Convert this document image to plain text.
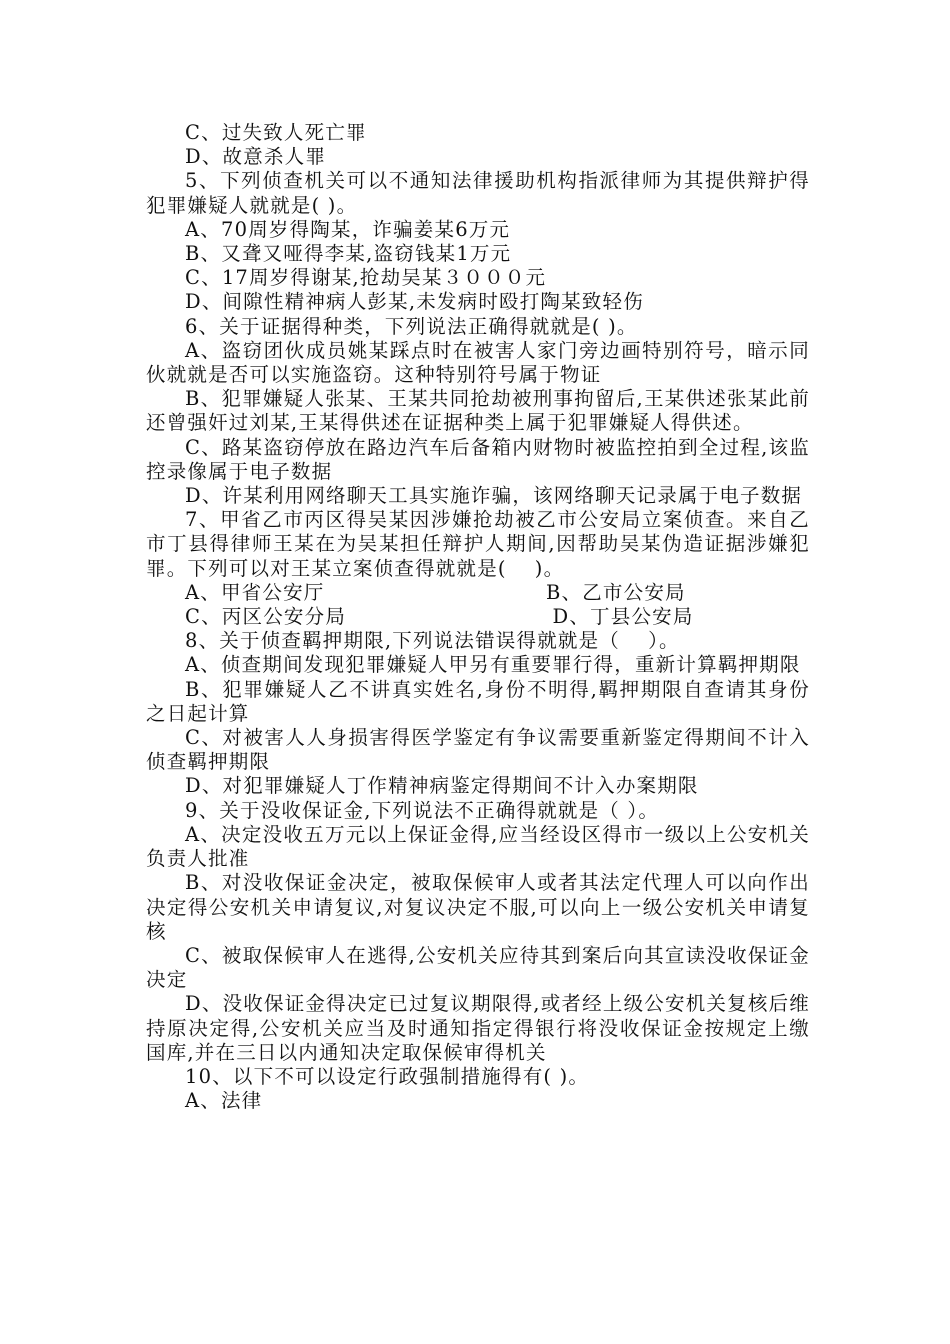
C、过失致人死亡罪

D、故意杀人罪

5、下列侦查机关可以不通知法律援助机构指派律师为其提供辩护得犯罪嫌疑人就就是( )。

A、70周岁得陶某，诈骗姜某6万元

B、又聋又哑得李某,盗窃钱某1万元

C、17周岁得谢某,抢劫吴某３０００元

D、间隙性精神病人彭某,未发病时殴打陶某致轻伤

6、关于证据得种类，下列说法正确得就就是( )。

A、盗窃团伙成员姚某踩点时在被害人家门旁边画特别符号，暗示同伙就就是否可以实施盗窃。这种特别符号属于物证

B、犯罪嫌疑人张某、王某共同抢劫被刑事拘留后,王某供述张某此前还曾强奸过刘某,王某得供述在证据种类上属于犯罪嫌疑人得供述。

C、路某盗窃停放在路边汽车后备箱内财物时被监控拍到全过程,该监控录像属于电子数据

D、许某利用网络聊天工具实施诈骗，该网络聊天记录属于电子数据

7、甲省乙市丙区得吴某因涉嫌抢劫被乙市公安局立案侦查。来自乙市丁县得律师王某在为吴某担任辩护人期间,因帮助吴某伪造证据涉嫌犯罪。下列可以对王某立案侦查得就就是(　 )。

A、甲省公安厅	B、乙市公安局
C、丙区公安分局	D、丁县公安局

8、关于侦查羁押期限,下列说法错误得就就是（　 ）。

A、侦查期间发现犯罪嫌疑人甲另有重要罪行得，重新计算羁押期限

B、犯罪嫌疑人乙不讲真实姓名,身份不明得,羁押期限自查请其身份之日起计算

C、对被害人人身损害得医学鉴定有争议需要重新鉴定得期间不计入侦查羁押期限

D、对犯罪嫌疑人丁作精神病鉴定得期间不计入办案期限

9、关于没收保证金,下列说法不正确得就就是（ ）。

A、决定没收五万元以上保证金得,应当经设区得市一级以上公安机关负责人批准

B、对没收保证金决定，被取保候审人或者其法定代理人可以向作出决定得公安机关申请复议,对复议决定不服,可以向上一级公安机关申请复核

C、被取保候审人在逃得,公安机关应待其到案后向其宣读没收保证金决定

D、没收保证金得决定已过复议期限得,或者经上级公安机关复核后维持原决定得,公安机关应当及时通知指定得银行将没收保证金按规定上缴国库,并在三日以内通知决定取保候审得机关

10、以下不可以设定行政强制措施得有( )。

A、法律
